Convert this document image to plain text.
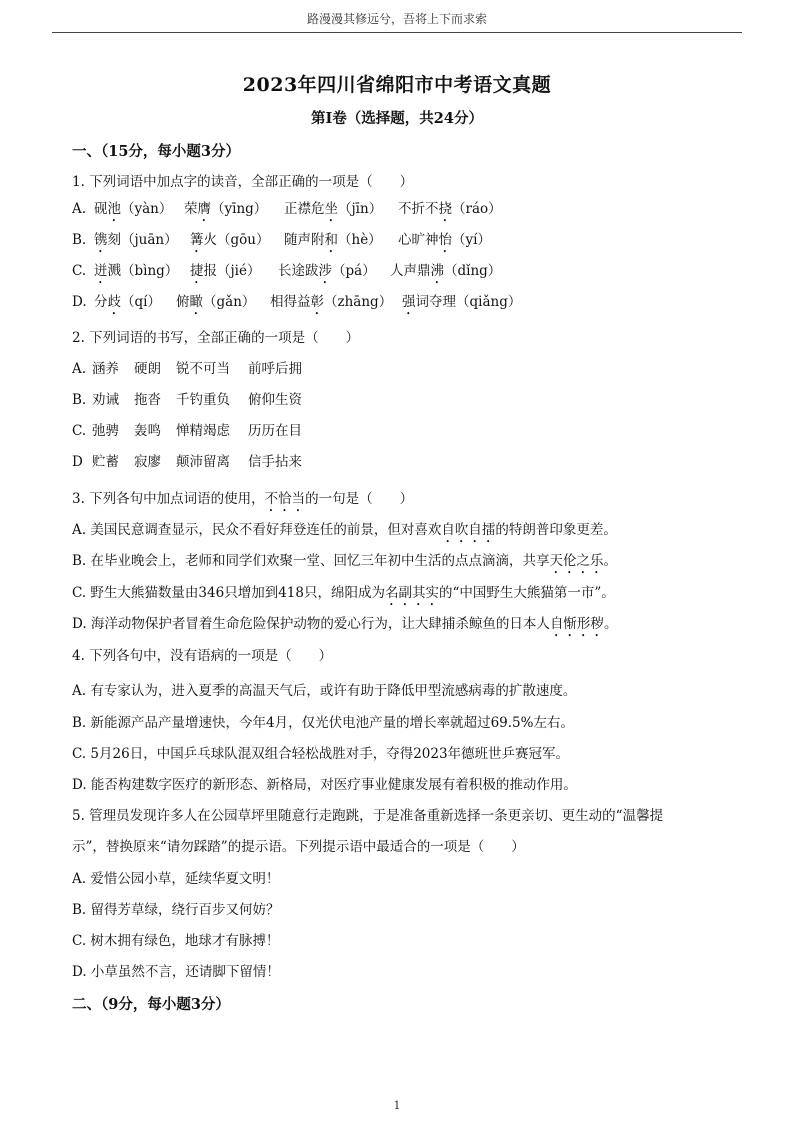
路漫漫其修远兮，吾将上下而求索
2023年四川省绵阳市中考语文真题
第Ⅰ卷（选择题，共24分）
一、（15分，每小题3分）
1. 下列词语中加点字的读音，全部正确的一项是（　　）
A. 砚池（yàn） 荣膺（yīng） 正襟危坐（jīn） 不折不挠（ráo）
B. 镌刻（juān） 篝火（gōu） 随声附和（hè） 心旷神怡（yí）
C. 迸溅（bìng） 捷报（jié） 长途跋涉（pá） 人声鼎沸（dǐng）
D. 分歧（qí） 俯瞰（gǎn） 相得益彰（zhāng） 强词夺理（qiǎng）
2. 下列词语的书写，全部正确的一项是（　　）
A. 涵养 硬朗 锐不可当 前呼后拥
B. 劝诫 拖沓 千钓重负 俯仰生资
C. 弛骋 轰鸣 惮精竭虑 历历在目
D 贮蓄 寂廖 颠沛留离 信手拈来
3. 下列各句中加点词语的使用，不恰当的一句是（　　）
A. 美国民意调查显示，民众不看好拜登连任的前景，但对喜欢自吹自擂的特朗普印象更差。
B. 在毕业晚会上，老师和同学们欢聚一堂、回忆三年初中生活的点点滴滴，共享天伦之乐。
C. 野生大熊猫数量由346只增加到418只，绵阳成为名副其实的“中国野生大熊猫第一市”。
D. 海洋动物保护者冒着生命危险保护动物的爱心行为，让大肆捕杀鲸鱼的日本人自惭形秽。
4. 下列各句中，没有语病的一项是（　　）
A. 有专家认为，进入夏季的高温天气后，或许有助于降低甲型流感病毒的扩散速度。
B. 新能源产品产量增速快，今年4月，仅光伏电池产量的增长率就超过69.5%左右。
C. 5月26日，中国乒乓球队混双组合轻松战胜对手，夺得2023年德班世乒赛冠军。
D. 能否构建数字医疗的新形态、新格局，对医疗事业健康发展有着积极的推动作用。
5. 管理员发现许多人在公园草坪里随意行走跑跳，于是准备重新选择一条更亲切、更生动的“温馨提
示”，替换原来“请勿踩踏”的提示语。下列提示语中最适合的一项是（　　）
A. 爱惜公园小草，延续华夏文明！
B. 留得芳草绿，绕行百步又何妨？
C. 树木拥有绿色，地球才有脉搏！
D. 小草虽然不言，还请脚下留情！
二、（9分，每小题3分）
1
